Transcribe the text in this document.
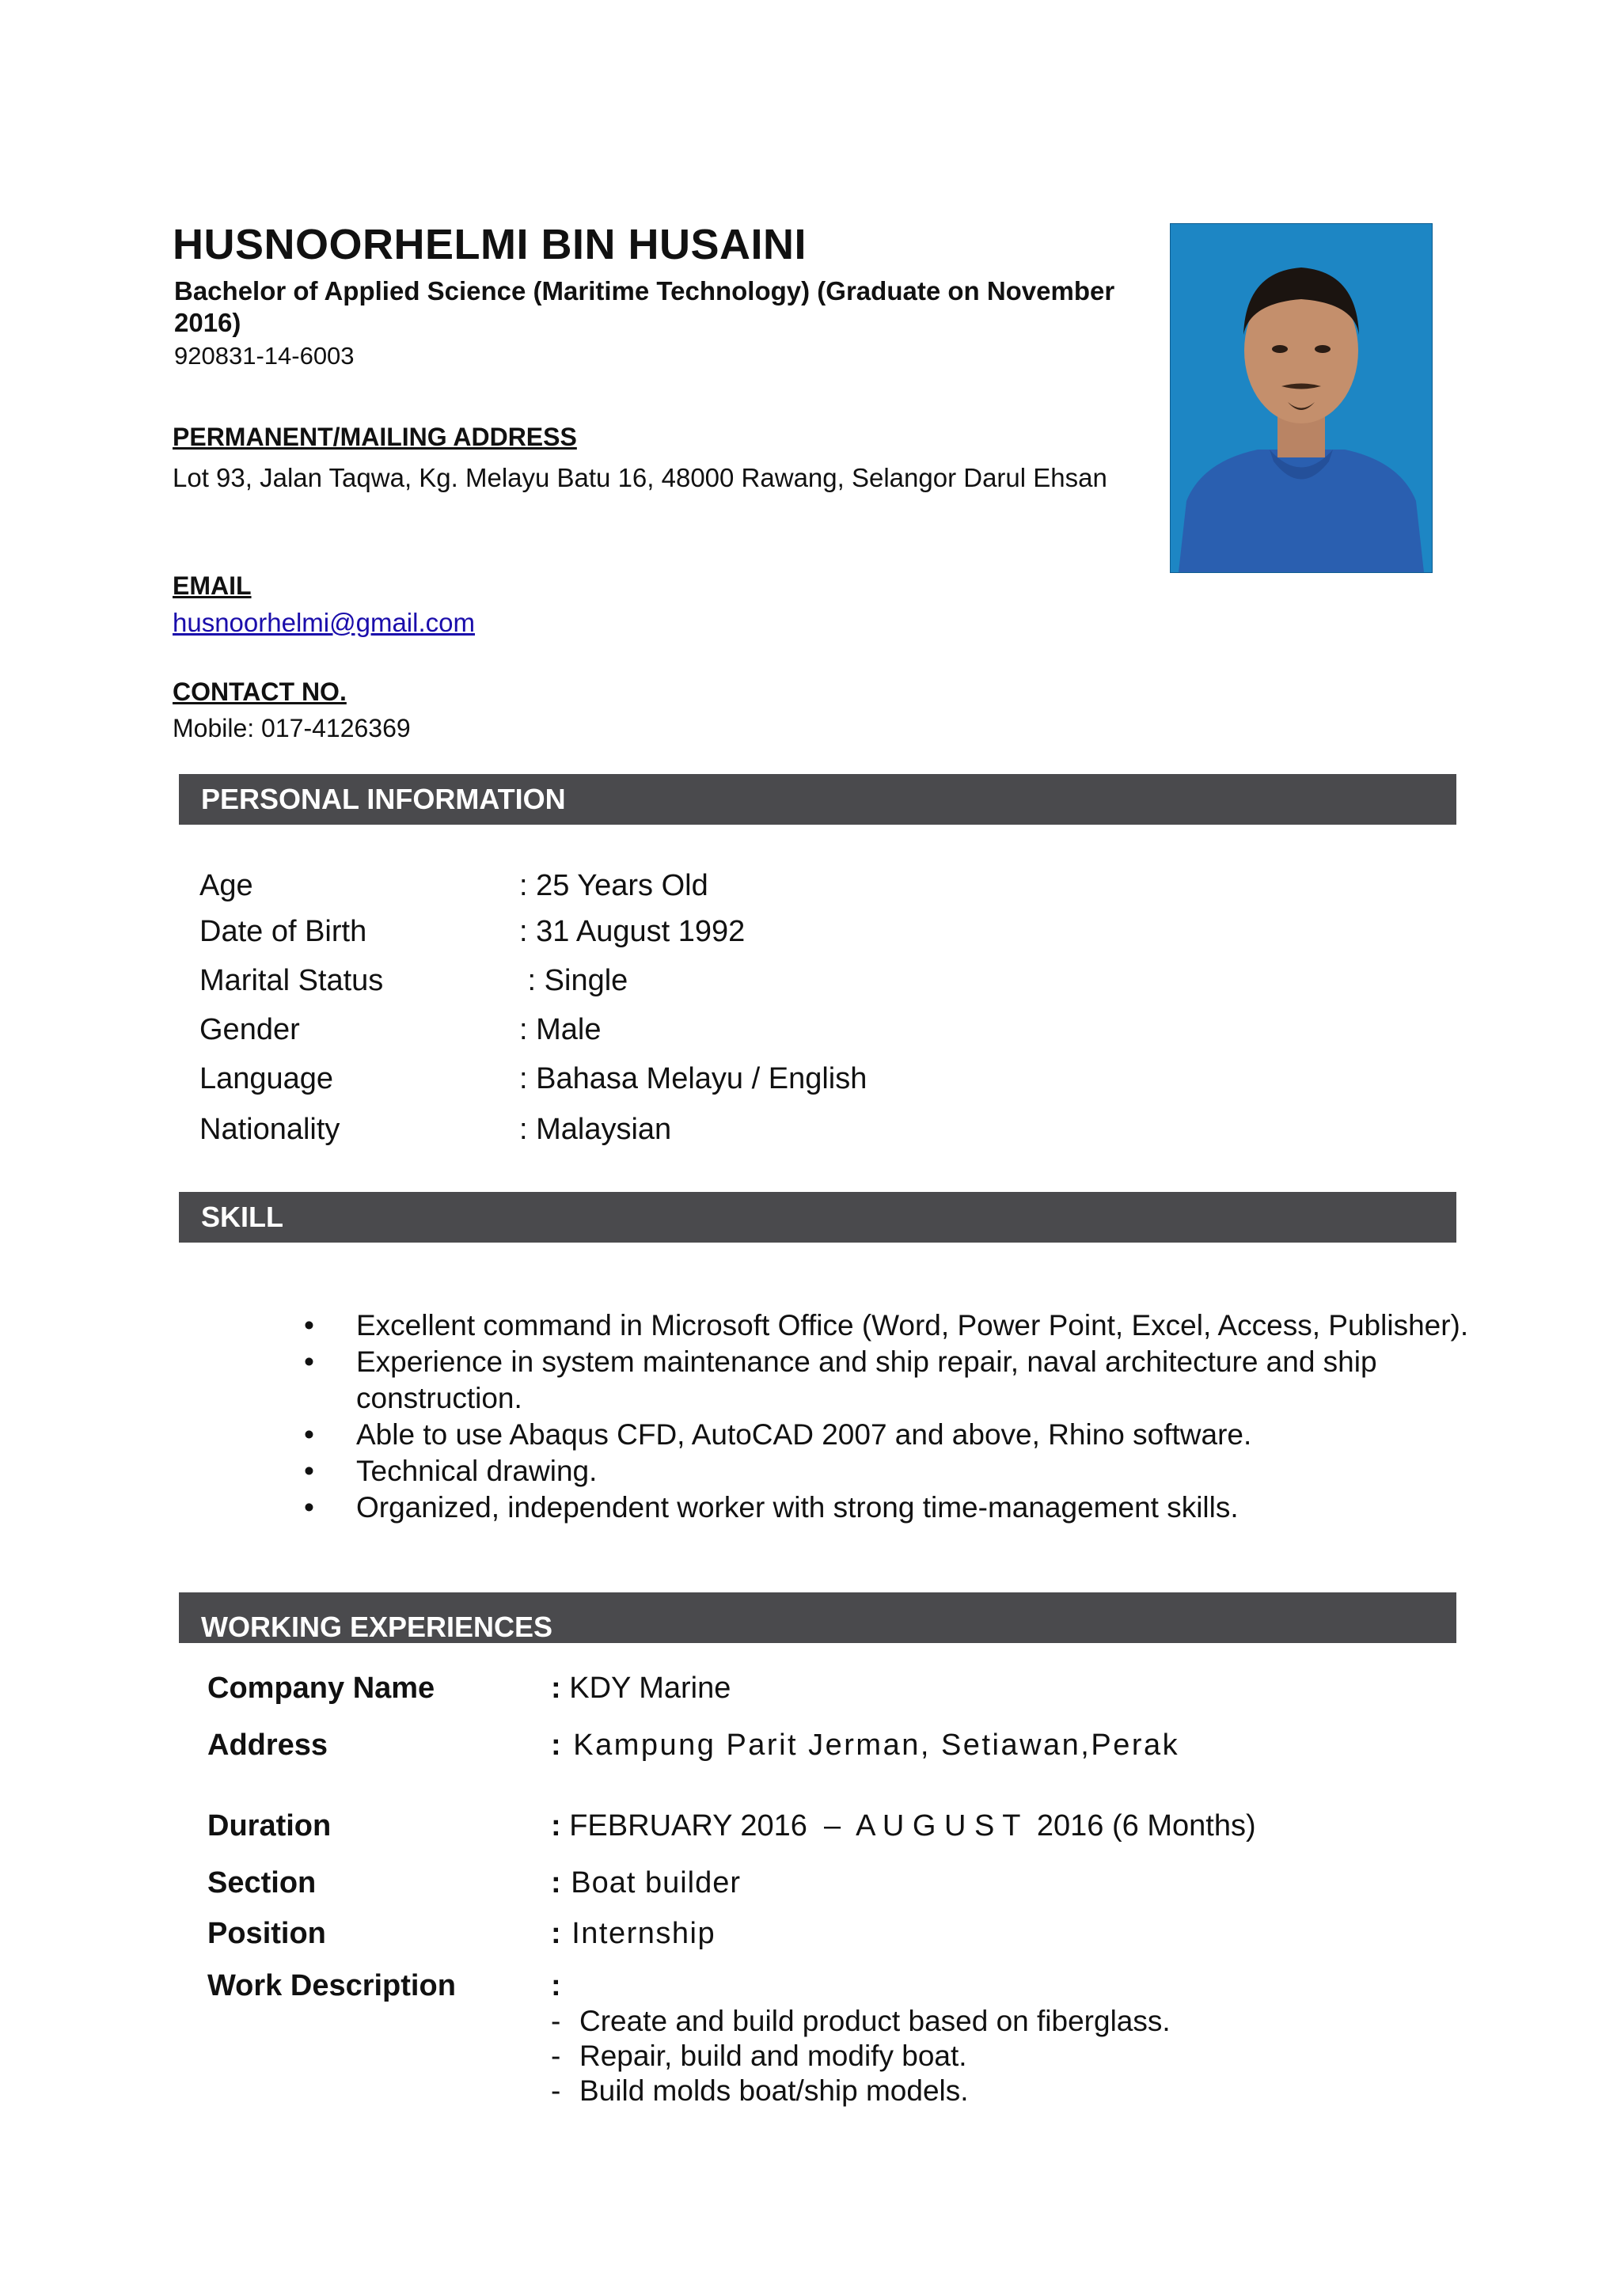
HUSNOORHELMI BIN HUSAINI
Bachelor of Applied Science (Maritime Technology) (Graduate on November 2016)
920831-14-6003
PERMANENT/MAILING ADDRESS
Lot 93, Jalan Taqwa, Kg. Melayu Batu 16, 48000 Rawang, Selangor Darul Ehsan
EMAIL
husnoorhelmi@gmail.com
CONTACT NO.
Mobile: 017-4126369
PERSONAL INFORMATION
Age	: 25 Years Old
Date of Birth	: 31 August 1992
Marital Status	: Single
Gender	: Male
Language	: Bahasa Melayu / English
Nationality	: Malaysian
SKILL
• Excellent command in Microsoft Office (Word, Power Point, Excel, Access, Publisher).
• Experience in system maintenance and ship repair, naval architecture and ship construction.
• Able to use Abaqus CFD, AutoCAD 2007 and above, Rhino software.
• Technical drawing.
• Organized, independent worker with strong time-management skills.
WORKING EXPERIENCES
Company Name	: KDY Marine
Address	: Kampung Parit Jerman, Setiawan,Perak
Duration	: FEBRUARY 2016  –  A U G U S T  2016 (6 Months)
Section	: Boat builder
Position	: Internship
Work Description	:
- Create and build product based on fiberglass.
- Repair, build and modify boat.
- Build molds boat/ship models.
